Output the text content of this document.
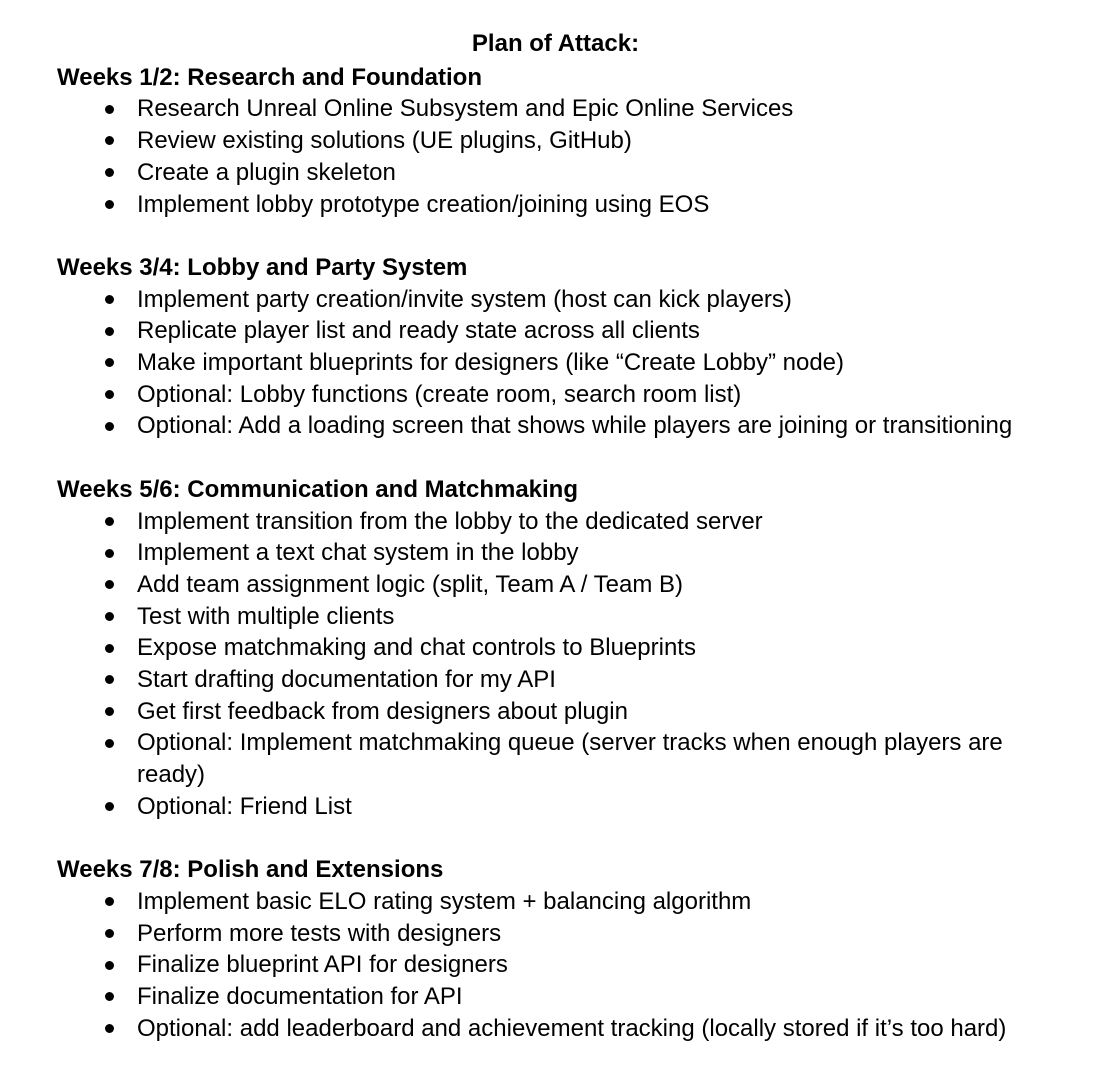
Plan of Attack:
Weeks 1/2: Research and Foundation
Research Unreal Online Subsystem and Epic Online Services
Review existing solutions (UE plugins, GitHub)
Create a plugin skeleton
Implement lobby prototype creation/joining using EOS
Weeks 3/4: Lobby and Party System
Implement party creation/invite system (host can kick players)
Replicate player list and ready state across all clients
Make important blueprints for designers (like “Create Lobby” node)
Optional: Lobby functions (create room, search room list)
Optional: Add a loading screen that shows while players are joining or transitioning
Weeks 5/6: Communication and Matchmaking
Implement transition from the lobby to the dedicated server
Implement a text chat system in the lobby
Add team assignment logic (split, Team A / Team B)
Test with multiple clients
Expose matchmaking and chat controls to Blueprints
Start drafting documentation for my API
Get first feedback from designers about plugin
Optional: Implement matchmaking queue (server tracks when enough players are ready)
Optional: Friend List
Weeks 7/8: Polish and Extensions
Implement basic ELO rating system + balancing algorithm
Perform more tests with designers
Finalize blueprint API for designers
Finalize documentation for API
Optional: add leaderboard and achievement tracking (locally stored if it’s too hard)
